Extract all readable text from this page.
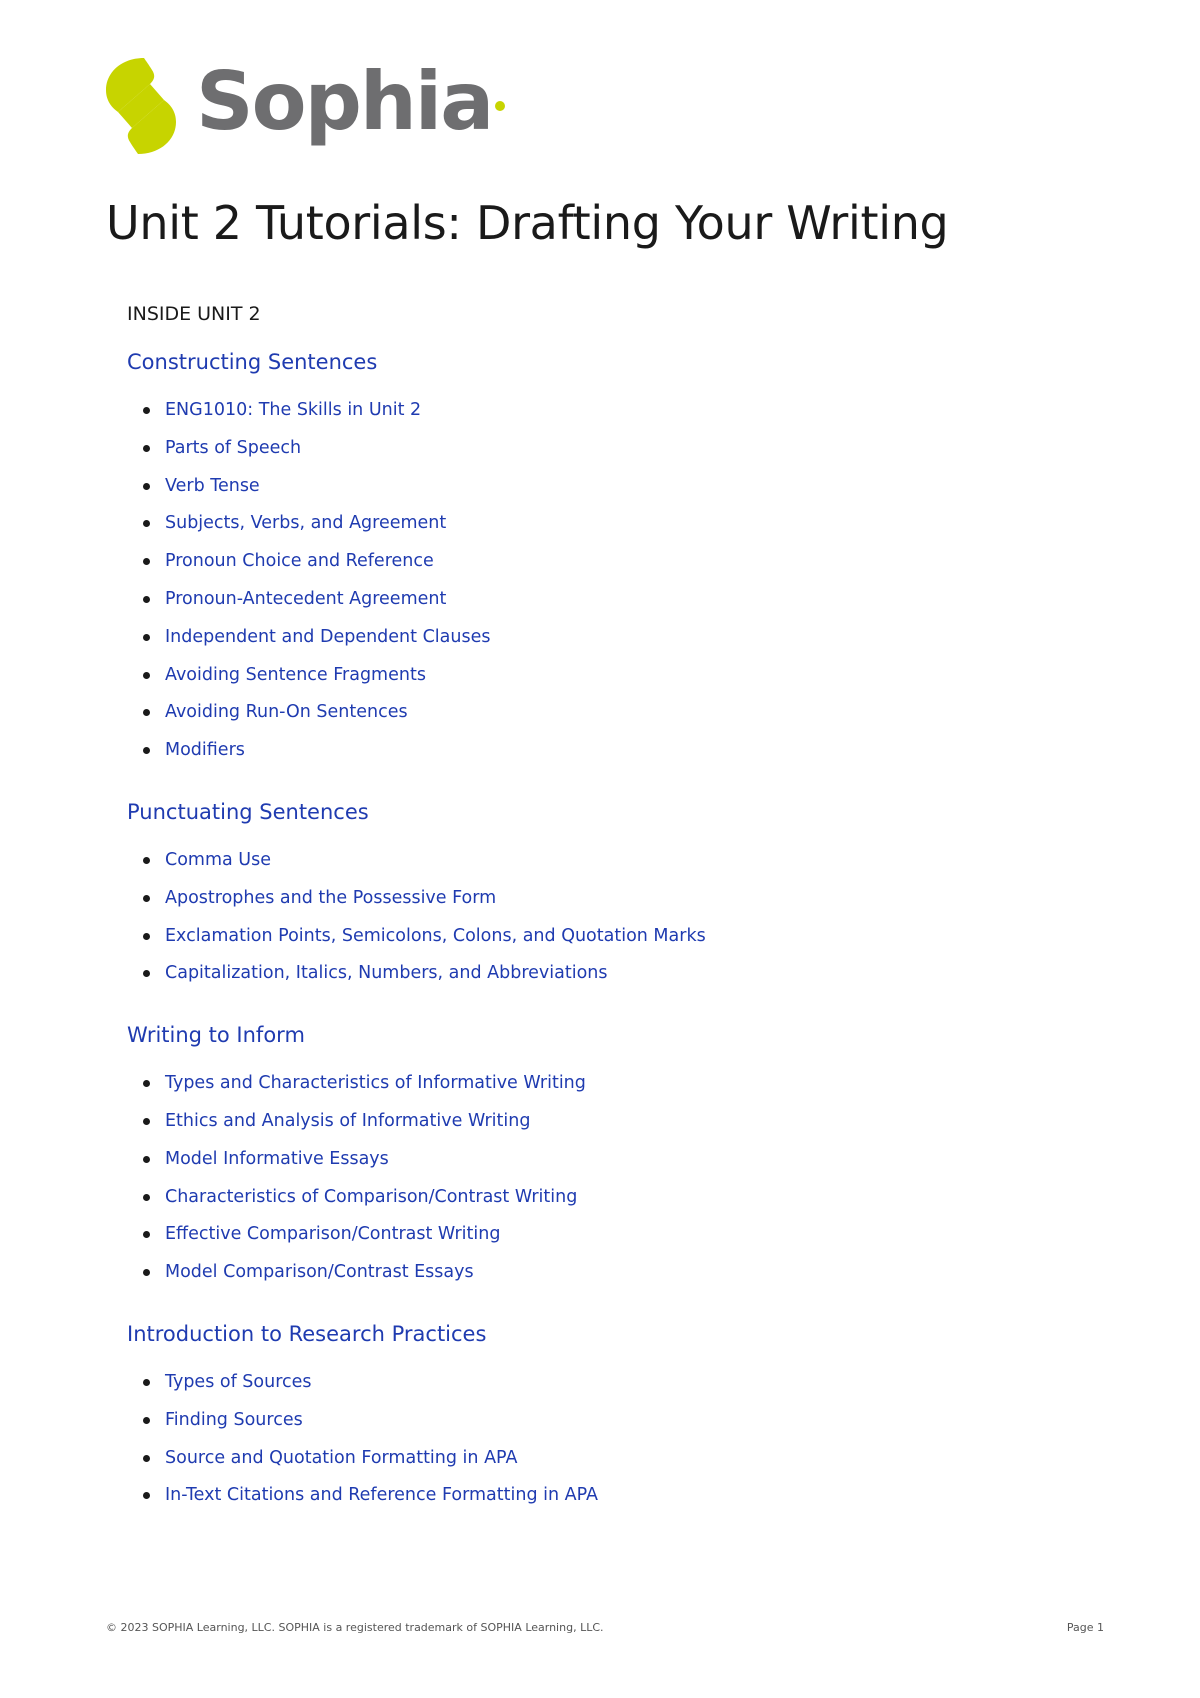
Sophia
Unit 2 Tutorials: Drafting Your Writing
INSIDE UNIT 2
Constructing Sentences
ENG1010: The Skills in Unit 2
Parts of Speech
Verb Tense
Subjects, Verbs, and Agreement
Pronoun Choice and Reference
Pronoun-Antecedent Agreement
Independent and Dependent Clauses
Avoiding Sentence Fragments
Avoiding Run-On Sentences
Modifiers
Punctuating Sentences
Comma Use
Apostrophes and the Possessive Form
Exclamation Points, Semicolons, Colons, and Quotation Marks
Capitalization, Italics, Numbers, and Abbreviations
Writing to Inform
Types and Characteristics of Informative Writing
Ethics and Analysis of Informative Writing
Model Informative Essays
Characteristics of Comparison/Contrast Writing
Effective Comparison/Contrast Writing
Model Comparison/Contrast Essays
Introduction to Research Practices
Types of Sources
Finding Sources
Source and Quotation Formatting in APA
In-Text Citations and Reference Formatting in APA
© 2023 SOPHIA Learning, LLC. SOPHIA is a registered trademark of SOPHIA Learning, LLC.	Page 1
